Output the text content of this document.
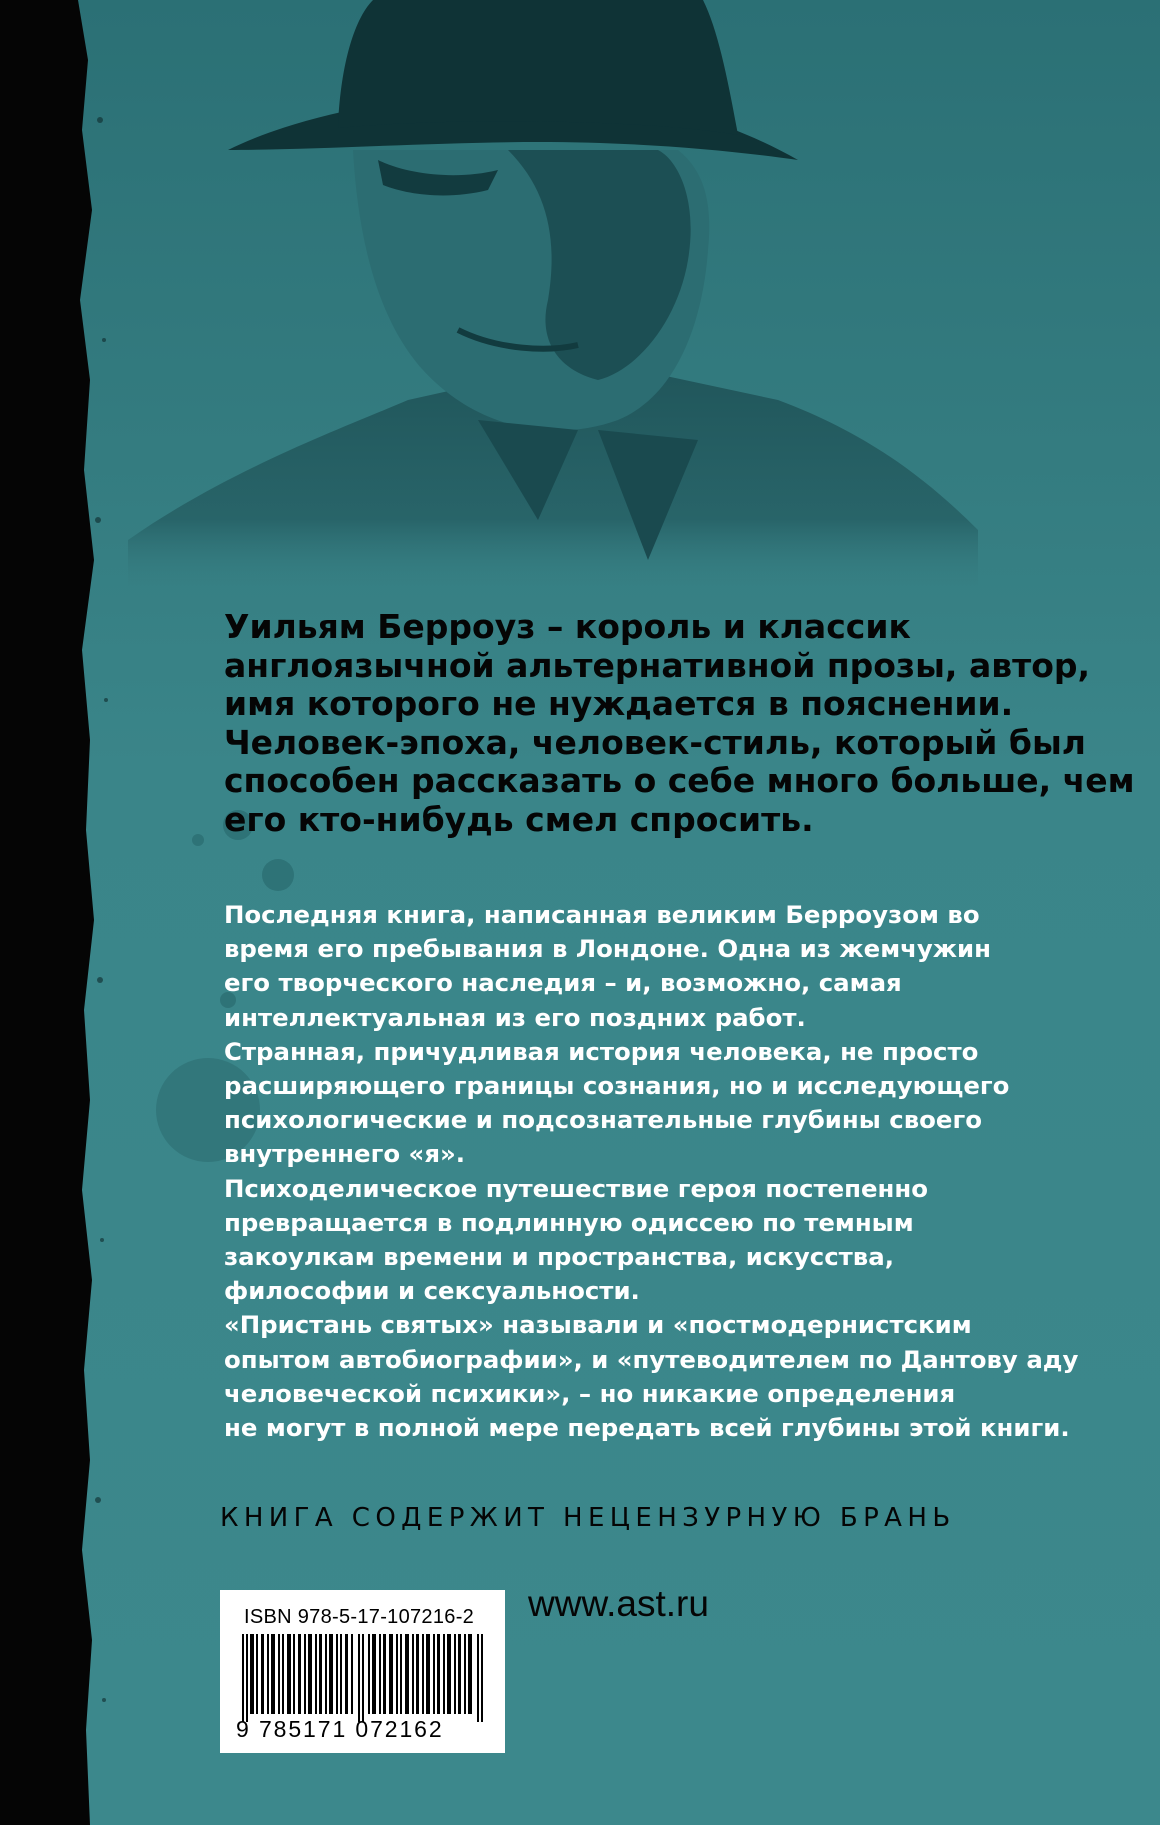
Уильям Берроуз – король и классик
англоязычной альтернативной прозы, автор,
имя которого не нуждается в пояснении.
Человек-эпоха, человек-стиль, который был
способен рассказать о себе много больше, чем
его кто-нибудь смел спросить.

Последняя книга, написанная великим Берроузом во
время его пребывания в Лондоне. Одна из жемчужин
его творческого наследия – и, возможно, самая
интеллектуальная из его поздних работ.
Странная, причудливая история человека, не просто
расширяющего границы сознания, но и исследующего
психологические и подсознательные глубины своего
внутреннего «я».
Психоделическое путешествие героя постепенно
превращается в подлинную одиссею по темным
закоулкам времени и пространства, искусства,
философии и сексуальности.
«Пристань святых» называли и «постмодернистским
опытом автобиографии», и «путеводителем по Дантову аду
человеческой психики», – но никакие определения
не могут в полной мере передать всей глубины этой книги.

КНИГА СОДЕРЖИТ НЕЦЕНЗУРНУЮ БРАНЬ
ISBN 978-5-17-107216-2
9 785171 072162
www.ast.ru
